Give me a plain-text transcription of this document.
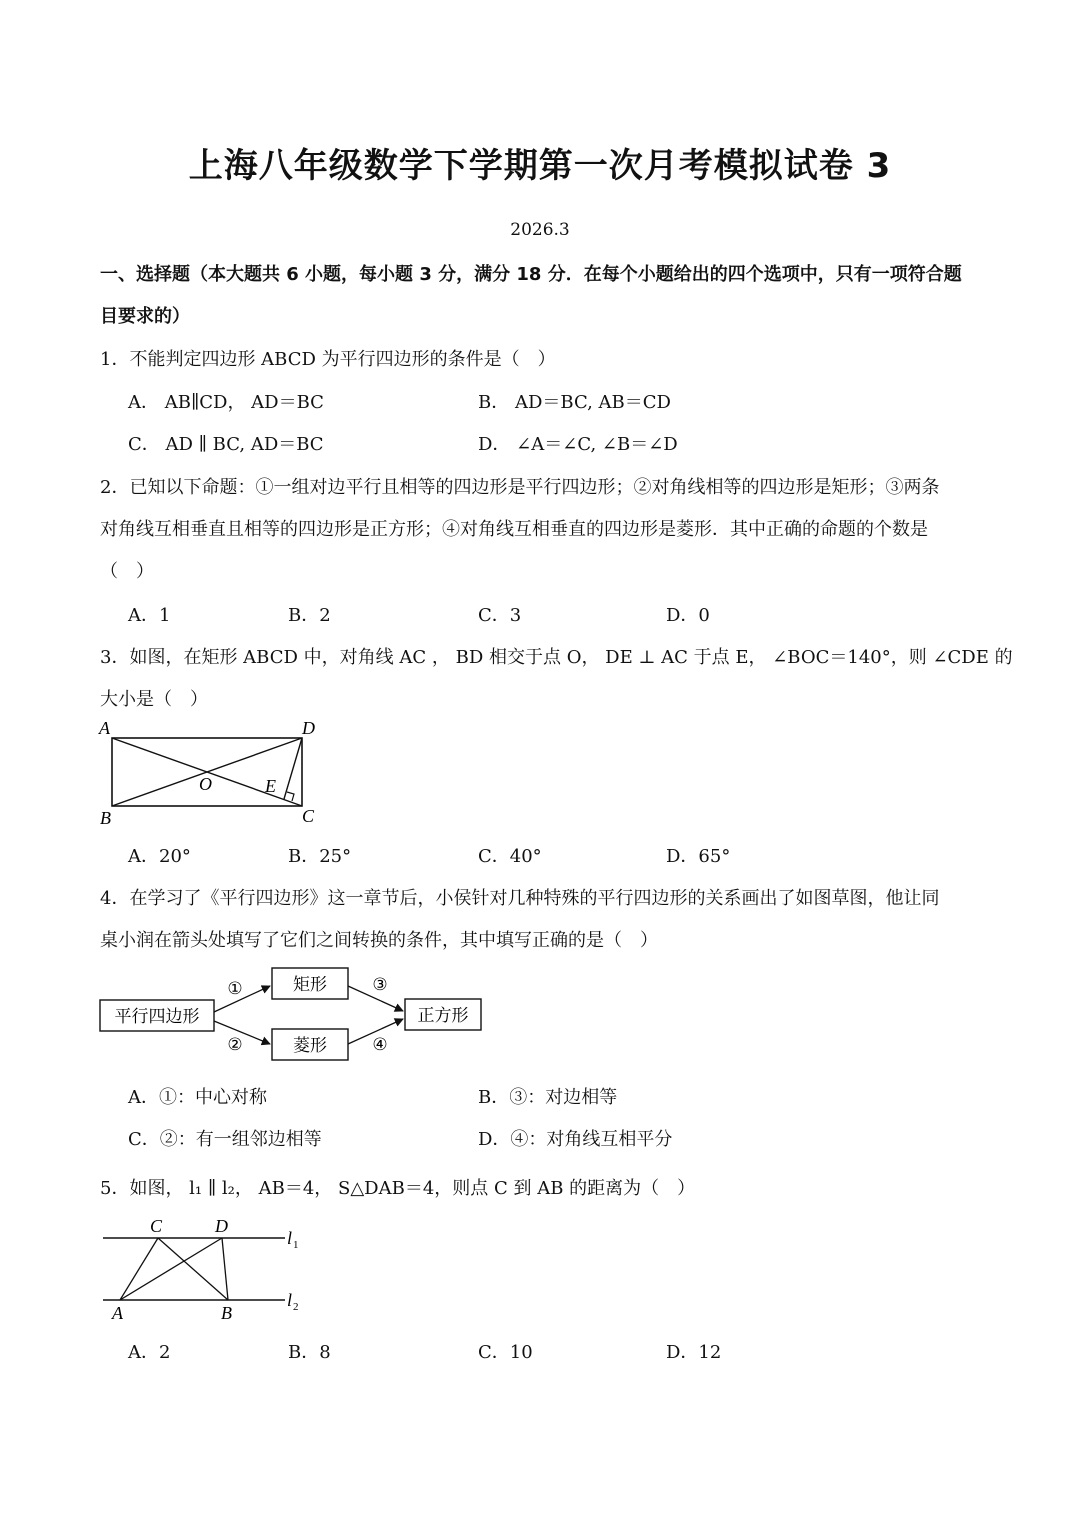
上海八年级数学下学期第一次月考模拟试卷 3
2026.3
一、选择题（本大题共 6 小题，每小题 3 分，满分 18 分．在每个小题给出的四个选项中，只有一项符合题
目要求的）
1．不能判定四边形 ABCD 为平行四边形的条件是（　）
A． AB∥CD， AD＝BC	B． AD＝BC, AB＝CD
C． AD ∥ BC, AD＝BC	D． ∠A＝∠C, ∠B＝∠D
2．已知以下命题：①一组对边平行且相等的四边形是平行四边形；②对角线相等的四边形是矩形；③两条
对角线互相垂直且相等的四边形是正方形；④对角线互相垂直的四边形是菱形．其中正确的命题的个数是
（　）
A．1	B．2	C．3	D．0
3．如图，在矩形 ABCD 中，对角线 AC ， BD 相交于点 O， DE ⊥ AC 于点 E， ∠BOC＝140°，则 ∠CDE 的
大小是（　）
A	D
B	C
O	E
A．20°	B．25°	C．40°	D．65°
4．在学习了《平行四边形》这一章节后，小侯针对几种特殊的平行四边形的关系画出了如图草图，他让同
桌小润在箭头处填写了它们之间转换的条件，其中填写正确的是（　）
平行四边形
矩形
菱形
正方形
①
②
③
④
A．①：中心对称	B．③：对边相等
C．②：有一组邻边相等	D．④：对角线互相平分
5．如图， l₁ ∥ l₂， AB＝4， S△DAB＝4，则点 C 到 AB 的距离为（　）
C	D
A	B
l 1
l 2
A．2	B．8	C．10	D．12
